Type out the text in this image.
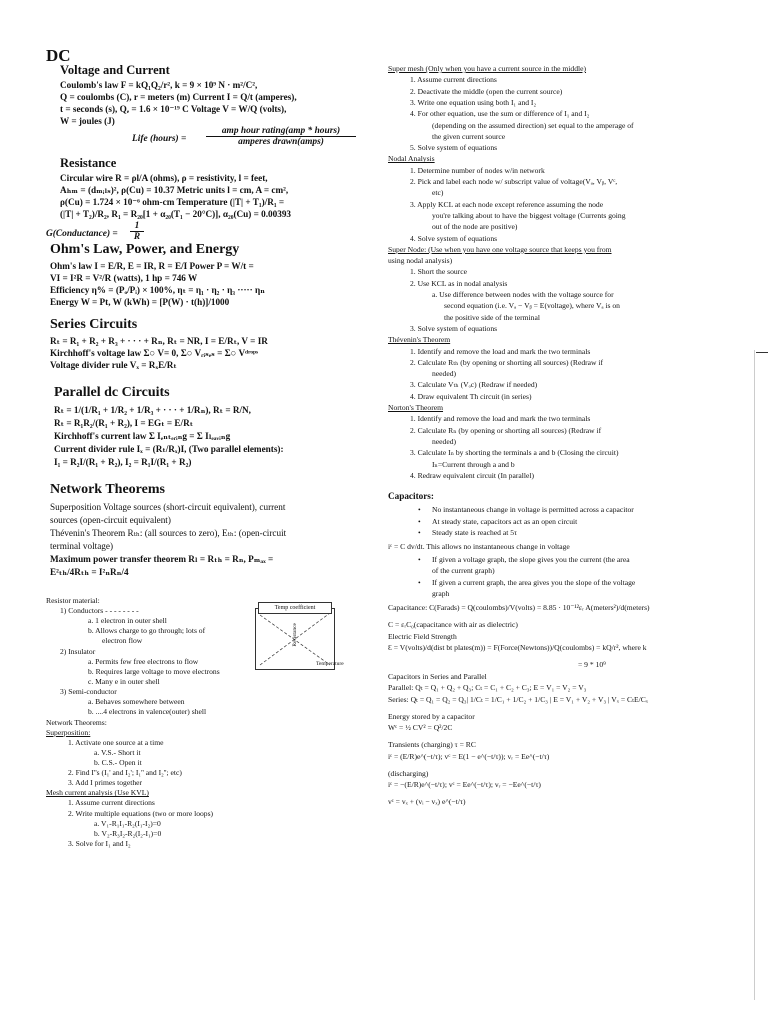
DC
Voltage and Current
Coulomb's law F = kQ₁Q₂/r², k = 9 × 10⁹ N · m²/C²,
Q = coulombs (C), r = meters (m) Current I = Q/t (amperes),
t = seconds (s), Qₑ = 1.6 × 10⁻¹⁹ C Voltage V = W/Q (volts),
W = joules (J)
Life (hours) =
amp hour rating(amp * hours)
amperes drawn(amps)
Resistance
Circular wire R = ρl/A (ohms), ρ = resistivity, l = feet,
Aₕₘ = (dₘᵢₗₛ)², ρ(Cu) = 10.37 Metric units l = cm, A = cm²,
ρ(Cu) = 1.724 × 10⁻⁶ ohm-cm Temperature (|T| + T₁)/R₁ =
(|T| + T₂)/R₂, R₁ = R₂₀[1 + α₂₀(T₁ − 20°C)], α₂₀(Cu) = 0.00393
G(Conductance) = $\frac{1}{R}$
Ohm's Law, Power, and Energy
Ohm's law I = E/R, E = IR, R = E/I Power P = W/t =
VI = I²R = V²/R (watts), 1 hp = 746 W
Efficiency η% = (Pₒ/Pᵢ) × 100%, ηₜ = η₁ · η₂ · η₃ ····· ηₙ
Energy W = Pt, W (kWh) = [P(W) · t(h)]/1000
Series Circuits
Rₜ = R₁ + R₂ + R₃ + · · · + Rₙ, Rₜ = NR, I = E/Rₜ, V = IR
Kirchhoff's voltage law Σ○ V= 0, Σ○ Vᵣᵢₛₑₛ = Σ○ Vᵈʳᵒᵖˢ
Voltage divider rule Vₓ = RₓE/Rₜ
Parallel dc Circuits
Rₜ = 1/(1/R₁ + 1/R₂ + 1/R₃ + · · · + 1/Rₙ), Rₜ = R/N,
Rₜ = R₁R₂/(R₁ + R₂), I = EGₜ = E/Rₜ
Kirchhoff's current law Σ Iₑₙₜₑᵣᵢₙg = Σ Iₗₑₐᵥᵢₙg
Current divider rule Iₓ = (Rₜ/Rₓ)I, (Two parallel elements):
I₁ = R₂I/(R₁ + R₂), I₂ = R₁I/(R₁ + R₂)
Network Theorems
Superposition Voltage sources (short-circuit equivalent), current
sources (open-circuit equivalent)
Thévenin's Theorem Rₜₕ: (all sources to zero), Eₜₕ: (open-circuit
terminal voltage)
Maximum power transfer theorem Rₗ = Rₜₕ = Rₙ, Pₘₐₓ =
E²ₜₕ/4Rₜₕ = I²ₙRₙ/4
Resistor material:
1) Conductors - - - - - - - -
a. 1 electron in outer shell
b. Allows charge to go through; lots of
electron flow
2) Insulator
a. Permits few free electrons to flow
b. Requires large voltage to move electrons
c. Many e in outer shell
3) Semi-conductor
a. Behaves somewhere between
b. ....4 electrons in valence(outer) shell
Network Theorems:
Superposition:
1. Activate one source at a time
a. V.S.- Short it
b. C.S.- Open it
2. Find I''s (I₁' and I₂'; I₁'' and I₂''; etc)
3. Add I primes together
Mesh current analysis (Use KVL)
1. Assume current directions
2. Write multiple equations (two or more loops)
a. V₁-R₁I₁-R₂(I₁-I₂)=0
b. V₂-R₃I₂-R₂(I₂-I₁)=0
3. Solve for I₁ and I₂
Temp coefficient
Resistance
Temperature
Super mesh (Only when you have a current source in the middle)
1. Assume current directions
2. Deactivate the middle (open the current source)
3. Write one equation using both I₁ and I₂
4. For other equation, use the sum or difference of I₁ and I₂
(depending on the assumed direction) set equal to the amperage of
the given current source
5. Solve system of equations
Nodal Analysis
1. Determine number of nodes w/in network
2. Pick and label each node w/ subscript value of voltage(Vₐ, Vᵦ, Vᶜ,
etc)
3. Apply KCL at each node except reference assuming the node
you're talking about to have the biggest voltage (Currents going
out of the node are positive)
4. Solve system of equations
Super Node: (Use when you have one voltage source that keeps you from
using nodal analysis)
1. Short the source
2. Use KCL as in nodal analysis
a. Use difference between nodes with the voltage source for
second equation (i.e. Vₐ − Vᵦ = E(voltage), where Vₐ is on
the positive side of the terminal
3. Solve system of equations
Thévenin's Theorem
1. Identify and remove the load and mark the two terminals
2. Calculate Rₜₕ (by opening or shorting all sources) (Redraw if
needed)
3. Calculate Vₜₕ (Vₒc) (Redraw if needed)
4. Draw equivalent Th circuit (in series)
Norton's Theorem
1. Identify and remove the load and mark the two terminals
2. Calculate Rₙ (by opening or shorting all sources) (Redraw if
needed)
3. Calculate Iₙ by shorting the terminals a and b (Closing the circuit)
Iₙ=Current through a and b
4. Redraw equivalent circuit (In parallel)
Capacitors:
• No instantaneous change in voltage is permitted across a capacitor
• At steady state, capacitors act as an open circuit
• Steady state is reached at 5τ
iᶜ = C dv/dt. This allows no instantaneous change in voltage
• If given a voltage graph, the slope gives you the current (the area
of the current graph)
• If given a current graph, the area gives you the slope of the voltage
graph
Capacitance: C(Farads) = Q(coulombs)/V(volts) = 8.85 · 10⁻¹²εᵣ A(meters²)/d(meters)
C = εᵣC₀(capacitance with air as dielectric)
Electric Field Strength
Ɛ = V(volts)/d(dist bt plates(m)) = F(Force(Newtons))/Q(coulombs) = kQ/r², where k
= 9 * 10⁹
Capacitors in Series and Parallel
Parallel: Qₜ = Q₁ + Q₂ + Q₃; Cₜ = C₁ + C₂ + C₃; E = V₁ = V₂ = V₃
Series: Qₜ = Q₁ = Q₂ = Q₃| 1/Cₜ = 1/C₁ + 1/C₂ + 1/C₃ | E = V₁ + V₂ + V₃ | Vₓ = CₜE/Cₓ
Energy stored by a capacitor
Wᶜ = ½ CV² = Q²/2C
Transients (charging) τ = RC
iᶜ = (E/R)e^(−t/τ); vᶜ = E(1 − e^(−t/τ)); vᵣ = Ee^(−t/τ)
(discharging)
iᶜ = −(E/R)e^(−t/τ); vᶜ = Ee^(−t/τ); vᵣ = −Ee^(−t/τ)
vᶜ = vₓ + (vᵢ − vₓ) e^(−t/τ)
